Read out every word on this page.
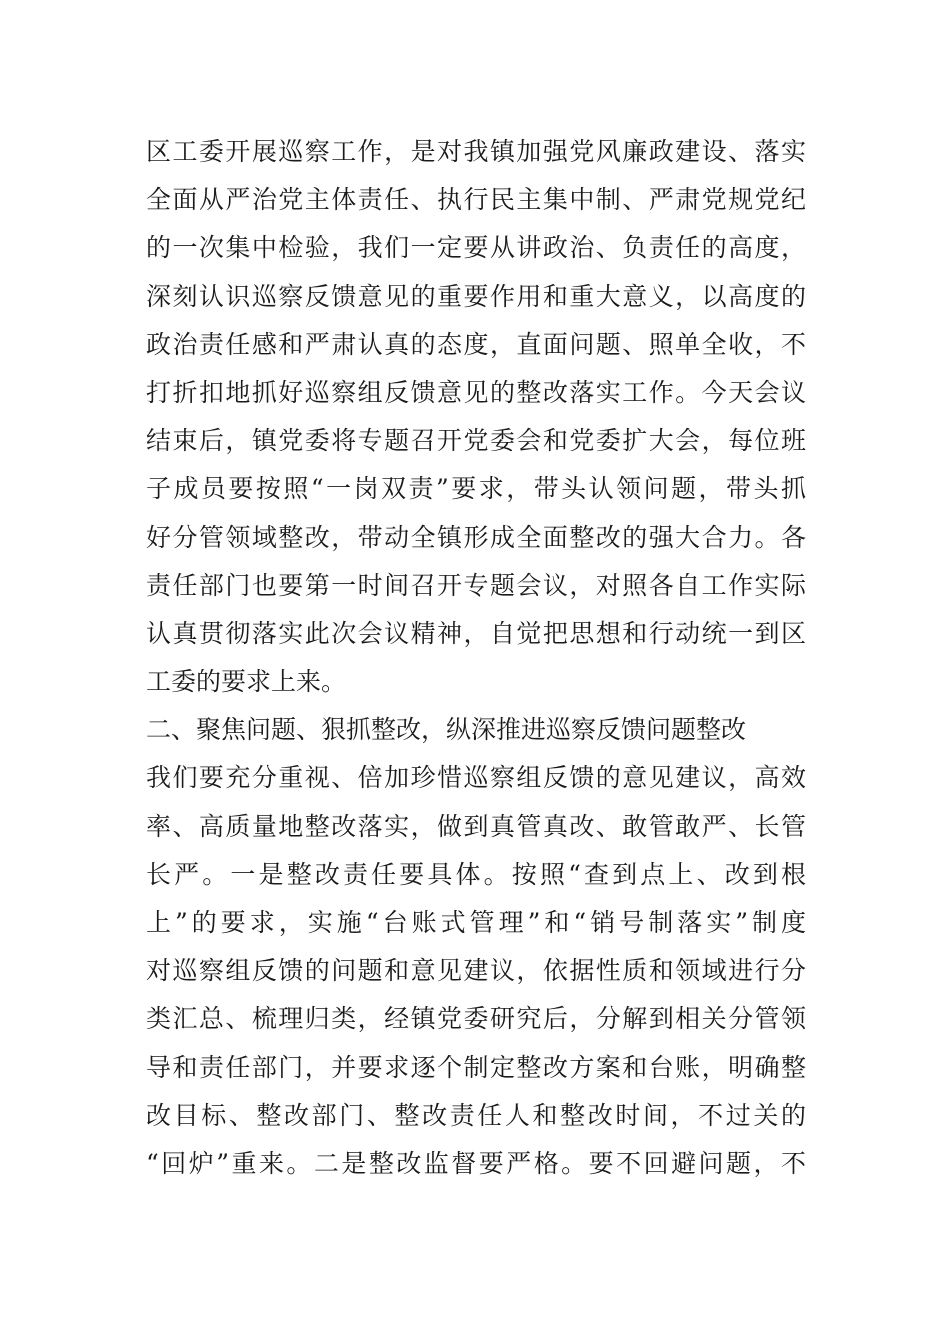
区工委开展巡察工作，是对我镇加强党风廉政建设、落实
全面从严治党主体责任、执行民主集中制、严肃党规党纪
的一次集中检验，我们一定要从讲政治、负责任的高度，
深刻认识巡察反馈意见的重要作用和重大意义，以高度的
政治责任感和严肃认真的态度，直面问题、照单全收，不
打折扣地抓好巡察组反馈意见的整改落实工作。今天会议
结束后，镇党委将专题召开党委会和党委扩大会，每位班
子成员要按照“一岗双责”要求，带头认领问题，带头抓
好分管领域整改，带动全镇形成全面整改的强大合力。各
责任部门也要第一时间召开专题会议，对照各自工作实际
认真贯彻落实此次会议精神，自觉把思想和行动统一到区
工委的要求上来。
二、聚焦问题、狠抓整改，纵深推进巡察反馈问题整改
我们要充分重视、倍加珍惜巡察组反馈的意见建议，高效
率、高质量地整改落实，做到真管真改、敢管敢严、长管
长严。一是整改责任要具体。按照“查到点上、改到根
上”的要求，实施“台账式管理”和“销号制落实”制度
对巡察组反馈的问题和意见建议，依据性质和领域进行分
类汇总、梳理归类，经镇党委研究后，分解到相关分管领
导和责任部门，并要求逐个制定整改方案和台账，明确整
改目标、整改部门、整改责任人和整改时间，不过关的
“回炉”重来。二是整改监督要严格。要不回避问题，不
